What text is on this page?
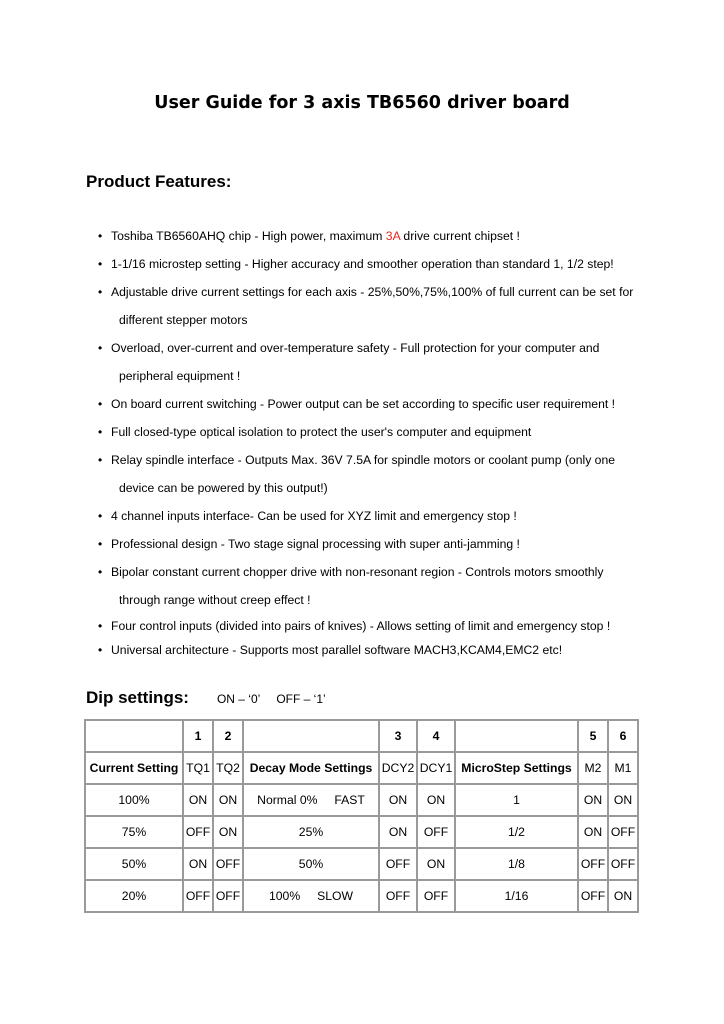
User Guide for 3 axis TB6560 driver board
Product Features:
• Toshiba TB6560AHQ chip - High power, maximum 3A drive current chipset !
• 1-1/16 microstep setting - Higher accuracy and smoother operation than standard 1, 1/2 step!
• Adjustable drive current settings for each axis - 25%,50%,75%,100% of full current can be set for
different stepper motors
• Overload, over-current and over-temperature safety - Full protection for your computer and
peripheral equipment !
• On board current switching - Power output can be set according to specific user requirement !
• Full closed-type optical isolation to protect the user's computer and equipment
• Relay spindle interface - Outputs Max. 36V 7.5A for spindle motors or coolant pump (only one
device can be powered by this output!)
• 4 channel inputs interface- Can be used for XYZ limit and emergency stop !
• Professional design - Two stage signal processing with super anti-jamming !
• Bipolar constant current chopper drive with non-resonant region - Controls motors smoothly
through range without creep effect !
• Four control inputs (divided into pairs of knives) - Allows setting of limit and emergency stop !
• Universal architecture - Supports most parallel software MACH3,KCAM4,EMC2 etc!
Dip settings: ON – ‘0’ OFF – ‘1’
	1	2		3	4		5	6
Current Setting	TQ1	TQ2	Decay Mode Settings	DCY2	DCY1	MicroStep Settings	M2	M1
100%	ON	ON	Normal 0%     FAST	ON	ON	1	ON	ON
75%	OFF	ON	25%	ON	OFF	1/2	ON	OFF
50%	ON	OFF	50%	OFF	ON	1/8	OFF	OFF
20%	OFF	OFF	100%     SLOW	OFF	OFF	1/16	OFF	ON
